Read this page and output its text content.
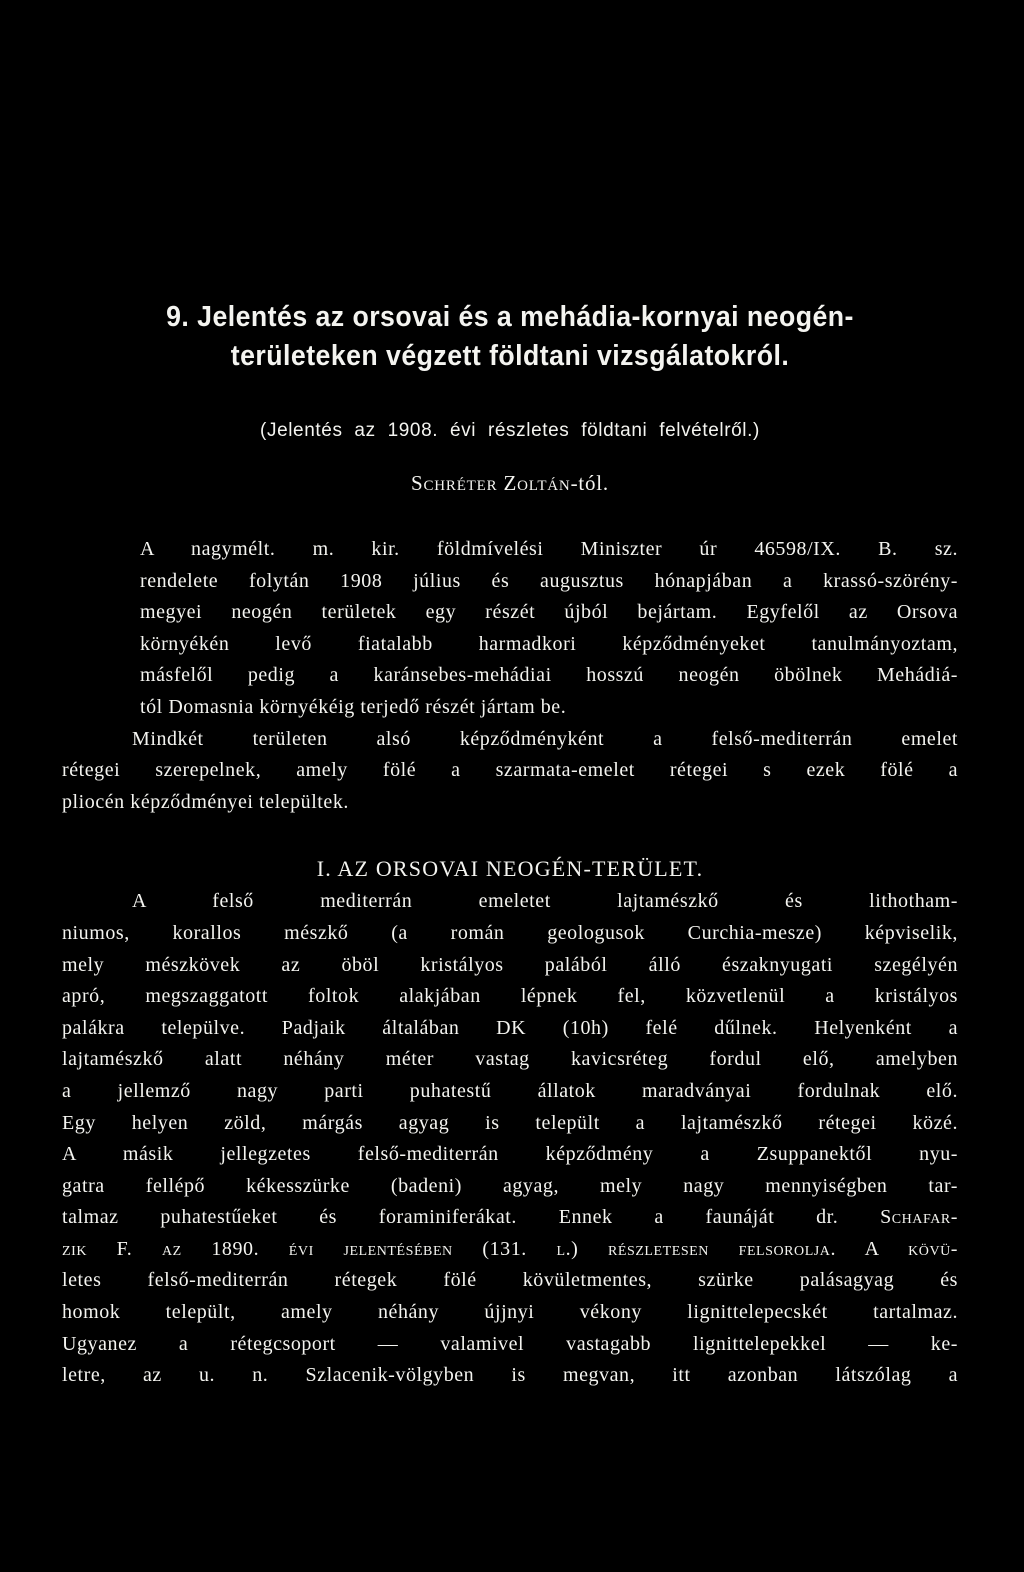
9. Jelentés az orsovai és a mehádia-kornyai neogén-
területeken végzett földtani vizsgálatokról.
(Jelentés az 1908. évi részletes földtani felvételről.)
Schréter Zoltán-tól.

A nagymélt. m. kir. földmívelési Miniszter úr 46598/IX. B. sz.
rendelete folytán 1908 július és augusztus hónapjában a krassó-szörény-
megyei neogén területek egy részét újból bejártam. Egyfelől az Orsova
környékén levő fiatalabb harmadkori képződményeket tanulmányoztam,
másfelől pedig a karánsebes-mehádiai hosszú neogén öbölnek Mehádiá-
tól Domasnia környékéig terjedő részét jártam be.

Mindkét területen alsó képződményként a felső-mediterrán emelet
rétegei szerepelnek, amely fölé a szarmata-emelet rétegei s ezek fölé a
pliocén képződményei települtek.

I. AZ ORSOVAI NEOGÉN-TERÜLET.

A felső mediterrán emeletet lajtamészkő és lithotham-
niumos, korallos mészkő (a román geologusok Curchia-mesze) képviselik,
mely mészkövek az öböl kristályos palából álló északnyugati szegélyén
apró, megszaggatott foltok alakjában lépnek fel, közvetlenül a kristályos
palákra települve. Padjaik általában DK (10h) felé dűlnek. Helyenként a
lajtamészkő alatt néhány méter vastag kavicsréteg fordul elő, amelyben
a jellemző nagy parti puhatestű állatok maradványai fordulnak elő.
Egy helyen zöld, márgás agyag is települt a lajtamészkő rétegei közé.
A másik jellegzetes felső-mediterrán képződmény a Zsuppanektől nyu-
gatra fellépő kékesszürke (badeni) agyag, mely nagy mennyiségben tar-
talmaz puhatestűeket és foraminiferákat. Ennek a faunáját dr. Schafar-
zik F. az 1890. évi jelentésében (131. l.) részletesen felsorolja. A kövü-
letes felső-mediterrán rétegek fölé kövületmentes, szürke palásagyag és
homok települt, amely néhány újjnyi vékony lignittelepecskét tartalmaz.
Ugyanez a rétegcsoport — valamivel vastagabb lignittelepekkel — ke-
letre, az u. n. Szlacenik-völgyben is megvan, itt azonban látszólag a
